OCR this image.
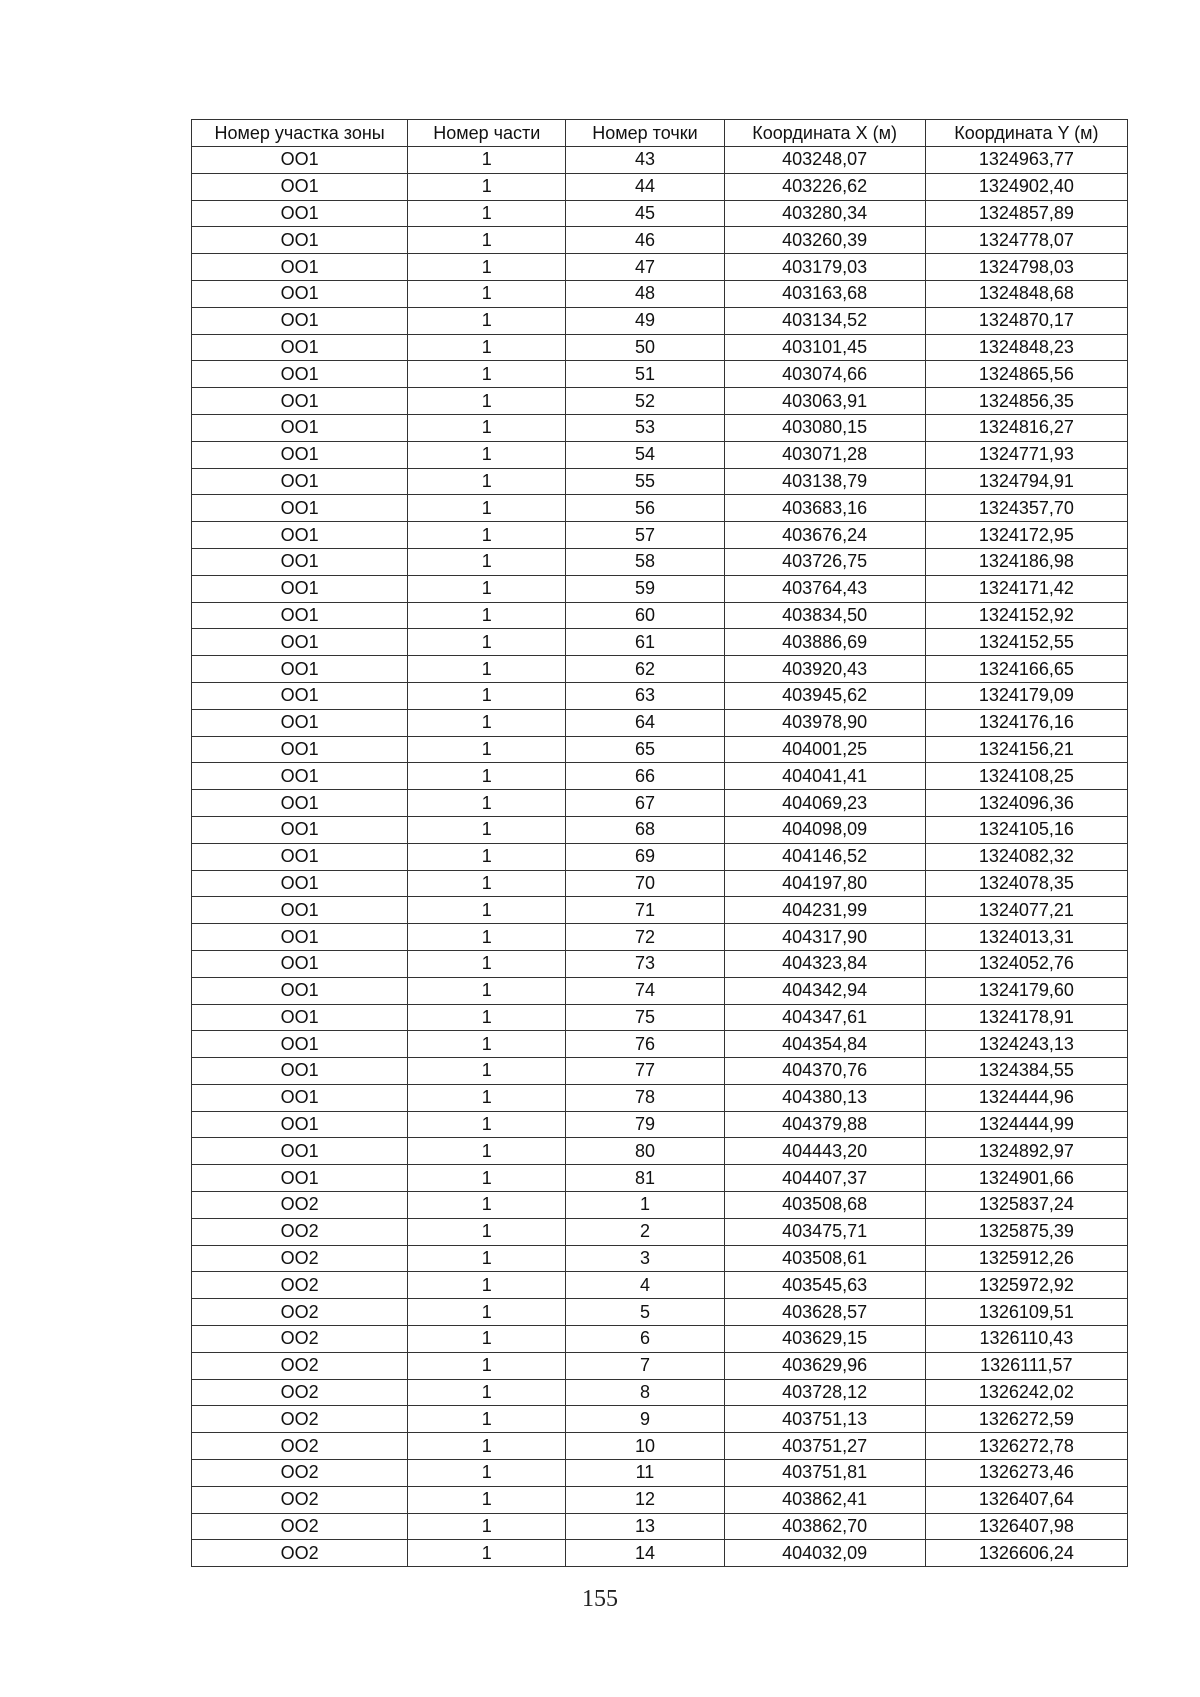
Номер участка зоны	Номер части	Номер точки	Координата X (м)	Координата Y (м)
OO1	1	43	403248,07	1324963,77
OO1	1	44	403226,62	1324902,40
OO1	1	45	403280,34	1324857,89
OO1	1	46	403260,39	1324778,07
OO1	1	47	403179,03	1324798,03
OO1	1	48	403163,68	1324848,68
OO1	1	49	403134,52	1324870,17
OO1	1	50	403101,45	1324848,23
OO1	1	51	403074,66	1324865,56
OO1	1	52	403063,91	1324856,35
OO1	1	53	403080,15	1324816,27
OO1	1	54	403071,28	1324771,93
OO1	1	55	403138,79	1324794,91
OO1	1	56	403683,16	1324357,70
OO1	1	57	403676,24	1324172,95
OO1	1	58	403726,75	1324186,98
OO1	1	59	403764,43	1324171,42
OO1	1	60	403834,50	1324152,92
OO1	1	61	403886,69	1324152,55
OO1	1	62	403920,43	1324166,65
OO1	1	63	403945,62	1324179,09
OO1	1	64	403978,90	1324176,16
OO1	1	65	404001,25	1324156,21
OO1	1	66	404041,41	1324108,25
OO1	1	67	404069,23	1324096,36
OO1	1	68	404098,09	1324105,16
OO1	1	69	404146,52	1324082,32
OO1	1	70	404197,80	1324078,35
OO1	1	71	404231,99	1324077,21
OO1	1	72	404317,90	1324013,31
OO1	1	73	404323,84	1324052,76
OO1	1	74	404342,94	1324179,60
OO1	1	75	404347,61	1324178,91
OO1	1	76	404354,84	1324243,13
OO1	1	77	404370,76	1324384,55
OO1	1	78	404380,13	1324444,96
OO1	1	79	404379,88	1324444,99
OO1	1	80	404443,20	1324892,97
OO1	1	81	404407,37	1324901,66
OO2	1	1	403508,68	1325837,24
OO2	1	2	403475,71	1325875,39
OO2	1	3	403508,61	1325912,26
OO2	1	4	403545,63	1325972,92
OO2	1	5	403628,57	1326109,51
OO2	1	6	403629,15	1326110,43
OO2	1	7	403629,96	1326111,57
OO2	1	8	403728,12	1326242,02
OO2	1	9	403751,13	1326272,59
OO2	1	10	403751,27	1326272,78
OO2	1	11	403751,81	1326273,46
OO2	1	12	403862,41	1326407,64
OO2	1	13	403862,70	1326407,98
OO2	1	14	404032,09	1326606,24
155
